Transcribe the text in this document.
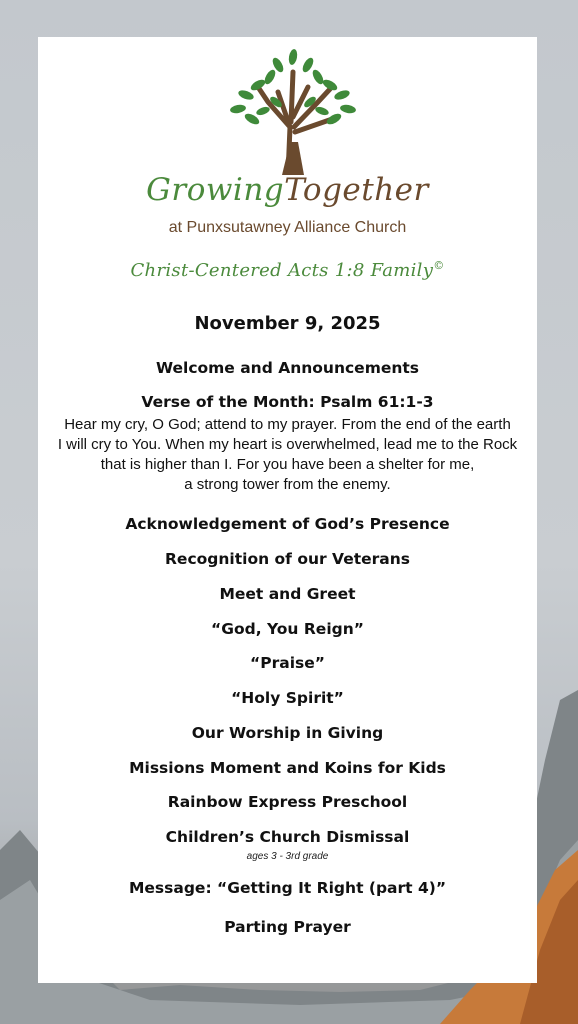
GrowingTogether
at Punxsutawney Alliance Church
Christ-Centered Acts 1:8 Family©
November 9, 2025
Welcome and Announcements
Verse of the Month: Psalm 61:1-3
Hear my cry, O God; attend to my prayer. From the end of the earth
I will cry to You. When my heart is overwhelmed, lead me to the Rock
that is higher than I. For you have been a shelter for me,
a strong tower from the enemy.
Acknowledgement of God’s Presence
Recognition of our Veterans
Meet and Greet
“God, You Reign”
“Praise”
“Holy Spirit”
Our Worship in Giving
Missions Moment and Koins for Kids
Rainbow Express Preschool
Children’s Church Dismissal
ages 3 - 3rd grade
Message: “Getting It Right (part 4)”
Parting Prayer
